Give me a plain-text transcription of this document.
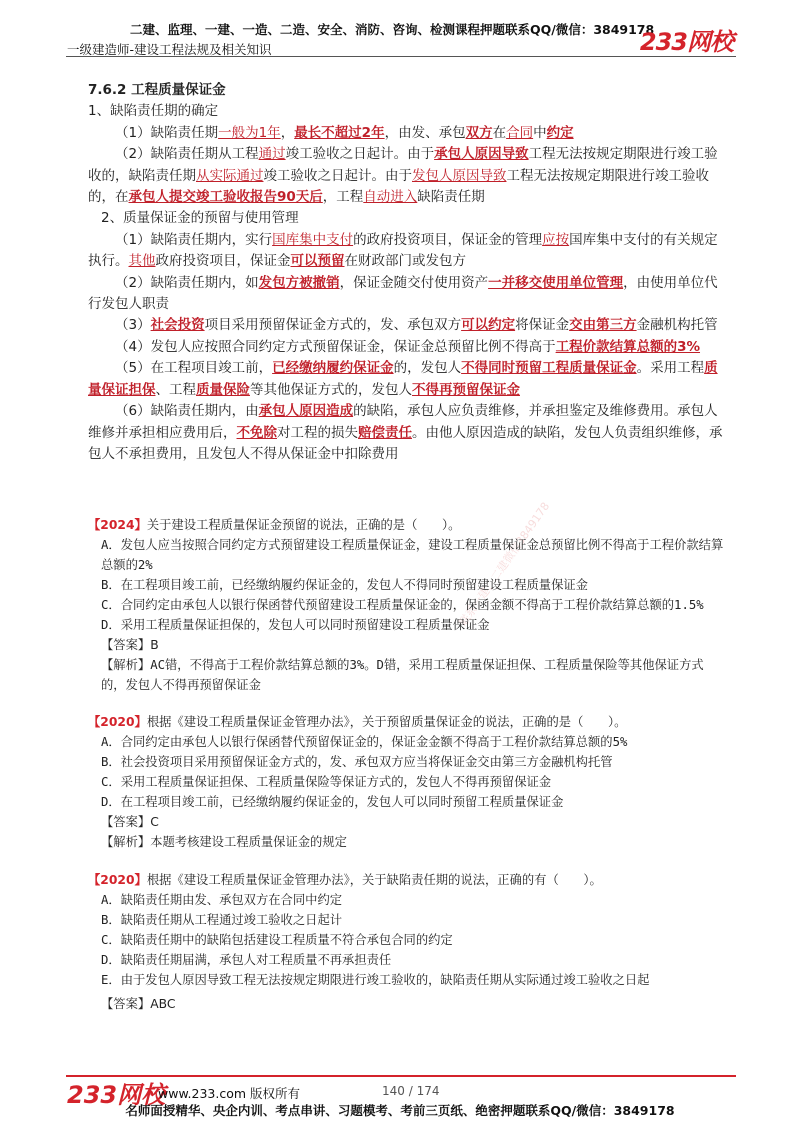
二建、监理、一建、一造、二造、安全、消防、咨询、检测课程押题联系QQ/微信：3849178
一级建造师-建设工程法规及相关知识	233网校
联系一建、二建微信3849178

7.6.2 工程质量保证金

1、缺陷责任期的确定

（1）缺陷责任期一般为1年，最长不超过2年，由发、承包双方在合同中约定

（2）缺陷责任期从工程通过竣工验收之日起计。由于承包人原因导致工程无法按规定期限进行竣工验收的，缺陷责任期从实际通过竣工验收之日起计。由于发包人原因导致工程无法按规定期限进行竣工验收的，在承包人提交竣工验收报告90天后，工程自动进入缺陷责任期

2、质量保证金的预留与使用管理

（1）缺陷责任期内，实行国库集中支付的政府投资项目，保证金的管理应按国库集中支付的有关规定执行。其他政府投资项目，保证金可以预留在财政部门或发包方

（2）缺陷责任期内，如发包方被撤销，保证金随交付使用资产一并移交使用单位管理，由使用单位代行发包人职责

（3）社会投资项目采用预留保证金方式的，发、承包双方可以约定将保证金交由第三方金融机构托管

（4）发包人应按照合同约定方式预留保证金，保证金总预留比例不得高于工程价款结算总额的3%

（5）在工程项目竣工前，已经缴纳履约保证金的，发包人不得同时预留工程质量保证金。采用工程质量保证担保、工程质量保险等其他保证方式的，发包人不得再预留保证金

（6）缺陷责任期内，由承包人原因造成的缺陷，承包人应负责维修，并承担鉴定及维修费用。承包人维修并承担相应费用后，不免除对工程的损失赔偿责任。由他人原因造成的缺陷，发包人负责组织维修，承包人不承担费用，且发包人不得从保证金中扣除费用

【2024】关于建设工程质量保证金预留的说法，正确的是（　　）。

A．发包人应当按照合同约定方式预留建设工程质量保证金，建设工程质量保证金总预留比例不得高于工程价款结算总额的2%

B．在工程项目竣工前，已经缴纳履约保证金的，发包人不得同时预留建设工程质量保证金

C．合同约定由承包人以银行保函替代预留建设工程质量保证金的，保函金额不得高于工程价款结算总额的1.5%

D．采用工程质量保证担保的，发包人可以同时预留建设工程质量保证金

【答案】B

【解析】AC错，不得高于工程价款结算总额的3%。D错，采用工程质量保证担保、工程质量保险等其他保证方式的，发包人不得再预留保证金

【2020】根据《建设工程质量保证金管理办法》，关于预留质量保证金的说法，正确的是（　　）。

A．合同约定由承包人以银行保函替代预留保证金的，保证金金额不得高于工程价款结算总额的5%

B．社会投资项目采用预留保证金方式的，发、承包双方应当将保证金交由第三方金融机构托管

C．采用工程质量保证担保、工程质量保险等保证方式的，发包人不得再预留保证金

D．在工程项目竣工前，已经缴纳履约保证金的，发包人可以同时预留工程质量保证金

【答案】C

【解析】本题考核建设工程质量保证金的规定

【2020】根据《建设工程质量保证金管理办法》，关于缺陷责任期的说法，正确的有（　　）。

A．缺陷责任期由发、承包双方在合同中约定

B．缺陷责任期从工程通过竣工验收之日起计

C．缺陷责任期中的缺陷包括建设工程质量不符合承包合同的约定

D．缺陷责任期届满，承包人对工程质量不再承担责任

E．由于发包人原因导致工程无法按规定期限进行竣工验收的，缺陷责任期从实际通过竣工验收之日起

【答案】ABC

233网校
www.233.com 版权所有	140 / 174
名师面授精华、央企内训、考点串讲、习题模考、考前三页纸、绝密押题联系QQ/微信：3849178
